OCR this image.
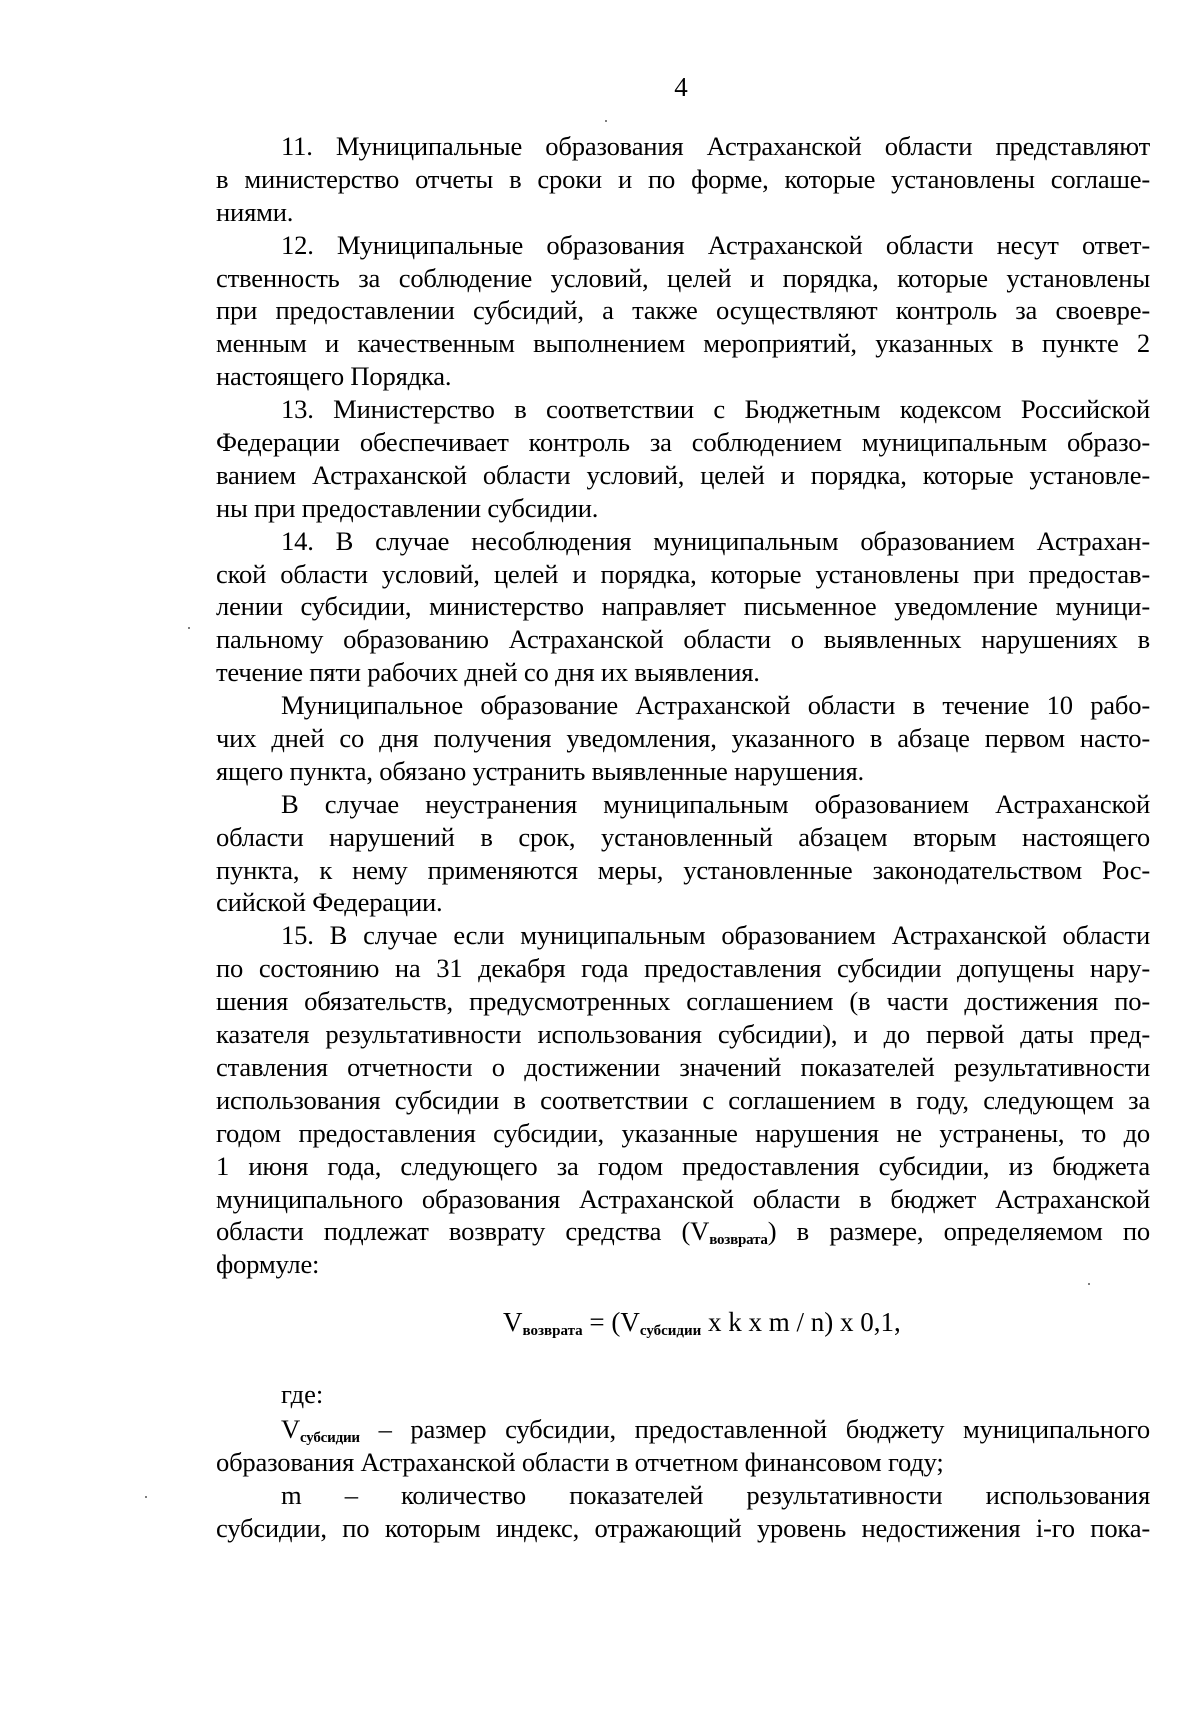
4
11. Муниципальные образования Астраханской области представляют
в министерство отчеты в сроки и по форме, которые установлены соглаше-
ниями.
12. Муниципальные образования Астраханской области несут ответ-
ственность за соблюдение условий, целей и порядка, которые установлены
при предоставлении субсидий, а также осуществляют контроль за своевре-
менным и качественным выполнением мероприятий, указанных в пункте 2
настоящего Порядка.
13. Министерство в соответствии с Бюджетным кодексом Российской
Федерации обеспечивает контроль за соблюдением муниципальным образо-
ванием Астраханской области условий, целей и порядка, которые установле-
ны при предоставлении субсидии.
14. В случае несоблюдения муниципальным образованием Астрахан-
ской области условий, целей и порядка, которые установлены при предостав-
лении субсидии, министерство направляет письменное уведомление муници-
пальному образованию Астраханской области о выявленных нарушениях в
течение пяти рабочих дней со дня их выявления.
Муниципальное образование Астраханской области в течение 10 рабо-
чих дней со дня получения уведомления, указанного в абзаце первом насто-
ящего пункта, обязано устранить выявленные нарушения.
В случае неустранения муниципальным образованием Астраханской
области нарушений в срок, установленный абзацем вторым настоящего
пункта, к нему применяются меры, установленные законодательством Рос-
сийской Федерации.
15. В случае если муниципальным образованием Астраханской области
по состоянию на 31 декабря года предоставления субсидии допущены нару-
шения обязательств, предусмотренных соглашением (в части достижения по-
казателя результативности использования субсидии), и до первой даты пред-
ставления отчетности о достижении значений показателей результативности
использования субсидии в соответствии с соглашением в году, следующем за
годом предоставления субсидии, указанные нарушения не устранены, то до
1 июня года, следующего за годом предоставления субсидии, из бюджета
муниципального образования Астраханской области в бюджет Астраханской
области подлежат возврату средства $(V_{возврата})$ в размере, определяемом по
формуле:
$V_{возврата} = (V_{субсидии}$ x k x m / n) x 0,1,
где:
$V_{субсидии}$ – размер субсидии, предоставленной бюджету муниципального
образования Астраханской области в отчетном финансовом году;
m   –   количество   показателей   результативности   использования
субсидии, по которым индекс, отражающий уровень недостижения i-го пока-
